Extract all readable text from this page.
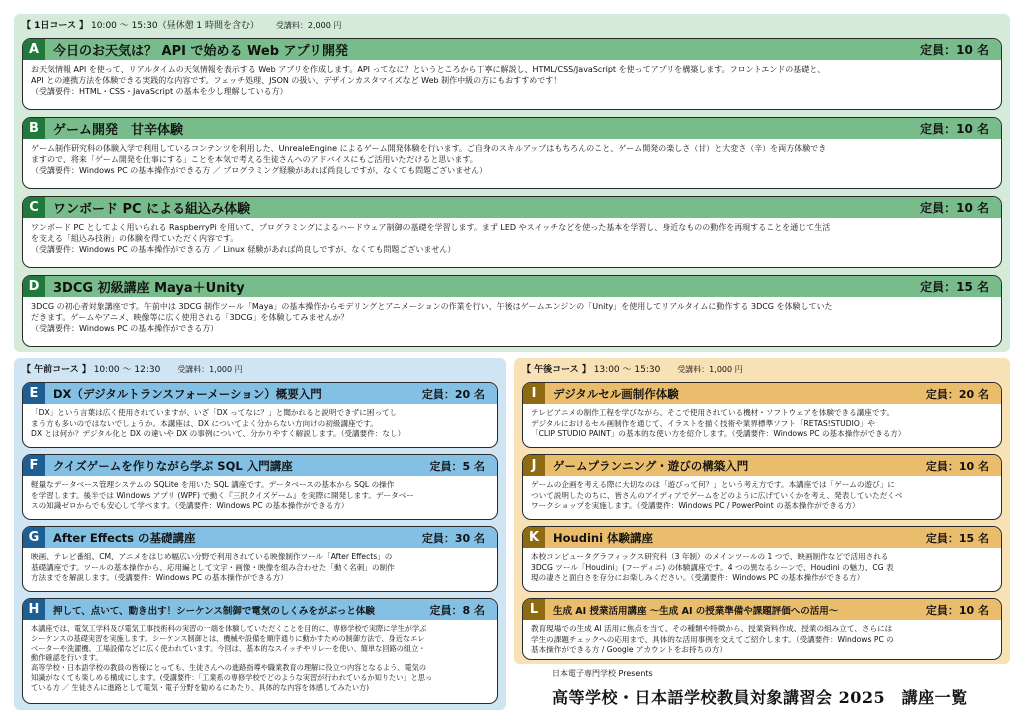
【 1日コース 】 10:00 ～ 15:30（昼休憩 1 時間を含む） 受講料：2,000 円
A	今日のお天気は？ API で始める Web アプリ開発	定員：10 名

お天気情報 API を使って、リアルタイムの天気情報を表示する Web アプリを作成します。API ってなに？というところから丁寧に解説し、HTML/CSS/JavaScript を使ってアプリを構築します。フロントエンドの基礎と、

API との連携方法を体験できる実践的な内容です。フェッチ処理、JSON の扱い、デザインカスタマイズなど Web 制作中級の方にもおすすめです！

（受講要件：HTML・CSS・JavaScript の基本を少し理解している方）

B	ゲーム開発　甘辛体験	定員：10 名

ゲーム制作研究科の体験入学で利用しているコンテンツを利用した、UnrealeEngine によるゲーム開発体験を行います。ご自身のスキルアップはもちろんのこと、ゲーム開発の楽しさ（甘）と大変さ（辛）を両方体験でき

ますので、将来「ゲーム開発を仕事にする」ことを本気で考える生徒さんへのアドバイスにもご活用いただけると思います。

（受講要件：Windows PC の基本操作ができる方 ／ プログラミング経験があれば尚良しですが、なくても問題ございません）

C	ワンボード PC による組込み体験	定員：10 名

ワンボード PC としてよく用いられる RaspberryPi を用いて、プログラミングによるハードウェア制御の基礎を学習します。まず LED やスイッチなどを使った基本を学習し、身近なものの動作を再現することを通じて生活

を支える「組込み技術」の体験を得ていただく内容です。

（受講要件：Windows PC の基本操作ができる方 ／ Linux 経験があれば尚良しですが、なくても問題ございません）

D	3DCG 初級講座 Maya＋Unity	定員：15 名

3DCG の初心者対象講座です。午前中は 3DCG 制作ツール「Maya」の基本操作からモデリングとアニメーションの作業を行い、午後はゲームエンジンの「Unity」を使用してリアルタイムに動作する 3DCG を体験していた

だきます。ゲームやアニメ、映像等に広く使用される「3DCG」を体験してみませんか？

（受講要件：Windows PC の基本操作ができる方）

【 午前コース 】 10:00 ～ 12:30 受講料：1,000 円
E	DX（デジタルトランスフォーメーション）概要入門	定員：20 名

「DX」という言葉は広く使用されていますが、いざ「DX ってなに？」と聞かれると説明できずに困ってし

まう方も多いのではないでしょうか。本講座は、DX についてよく分からない方向けの初級講座です。

DX とは何か？デジタル化と DX の違いや DX の事例について、分かりやすく解説します。（受講要件：なし）

F	クイズゲームを作りながら学ぶ SQL 入門講座	定員：5 名

軽量なデータベース管理システムの SQLite を用いた SQL 講座です。データベースの基本から SQL の操作

を学習します。後半では Windows アプリ (WPF) で動く『三択クイズゲーム』を実際に開発します。データベー

スの知識ゼロからでも安心して学べます。（受講要件：Windows PC の基本操作ができる方）

G	After Effects の基礎講座	定員：30 名

映画、テレビ番組、CM、アニメをはじめ幅広い分野で利用されている映像制作ツール「After Effects」の

基礎講座です。ツールの基本操作から、応用編として文字・画像・映像を組み合わせた「動く名刺」の制作

方法までを解説します。（受講要件：Windows PC の基本操作ができる方）

H	押して、点いて、動き出す！シーケンス制御で電気のしくみをがぶっと体験	定員：8 名

本講座では、電気工学科及び電気工事技術科の実習の一端を体験していただくことを目的に、専修学校で実際に学生が学ぶ

シーケンスの基礎実習を実施します。シーケンス制御とは、機械や設備を順序通りに動かすための制御方法で、身近なエレ

ベーターや洗濯機、工場設備などに広く使われています。今回は、基本的なスイッチやリレーを使い、簡単な回路の組立・

動作確認を行います。

高等学校・日本語学校の教員の皆様にとっても、生徒さんへの進路指導や職業教育の理解に役立つ内容となるよう、電気の

知識がなくても楽しめる構成にします。(受講要件：「工業系の専修学校でどのような実習が行われているか知りたい」と思っ

ている方 ／ 生徒さんに進路として電気・電子分野を勧めるにあたり、具体的な内容を体感してみたい方)

【 午後コース 】 13:00 ～ 15:30 受講料：1,000 円
I	デジタルセル画制作体験	定員：20 名

テレビアニメの制作工程を学びながら、そこで使用されている機材・ソフトウェアを体験できる講座です。

デジタルにおけるセル画制作を通じて、イラストを描く技術や業界標準ソフト「RETAS!STUDIO」や

「CLIP STUDIO PAINT」の基本的な使い方を紹介します。（受講要件：Windows PC の基本操作ができる方）

J	ゲームプランニング・遊びの構築入門	定員：10 名

ゲームの企画を考える際に大切なのは「遊びって何？」という考え方です。本講座では「ゲームの遊び」に

ついて説明したのちに、皆さんのアイディアでゲームをどのように広げていくかを考え、発表していただくべ

ワークショップを実施します。（受講要件：Windows PC / PowerPoint の基本操作ができる方）

K	Houdini 体験講座	定員：15 名

本校コンピュータグラフィックス研究科（3 年制）のメインツールの 1 つで、映画制作などで活用される

3DCG ツール「Houdini」(フーディニ) の体験講座です。4 つの異なるシーンで、Houdini の魅力、CG 表

現の凄さと面白さを存分にお楽しみください。（受講要件：Windows PC の基本操作ができる方）

L	生成 AI 授業活用講座 ～生成 AI の授業準備や課題評価への活用～	定員：10 名

教育現場での生成 AI 活用に焦点を当て、その種類や特徴から、授業資料作成、授業の組み立て、さらには

学生の課題チェックへの応用まで、具体的な活用事例を交えてご紹介します。（受講要件：Windows PC の

基本操作ができる方 / Google アカウントをお持ちの方）

日本電子専門学校 Presents
高等学校・日本語学校教員対象講習会 2025　講座一覧
